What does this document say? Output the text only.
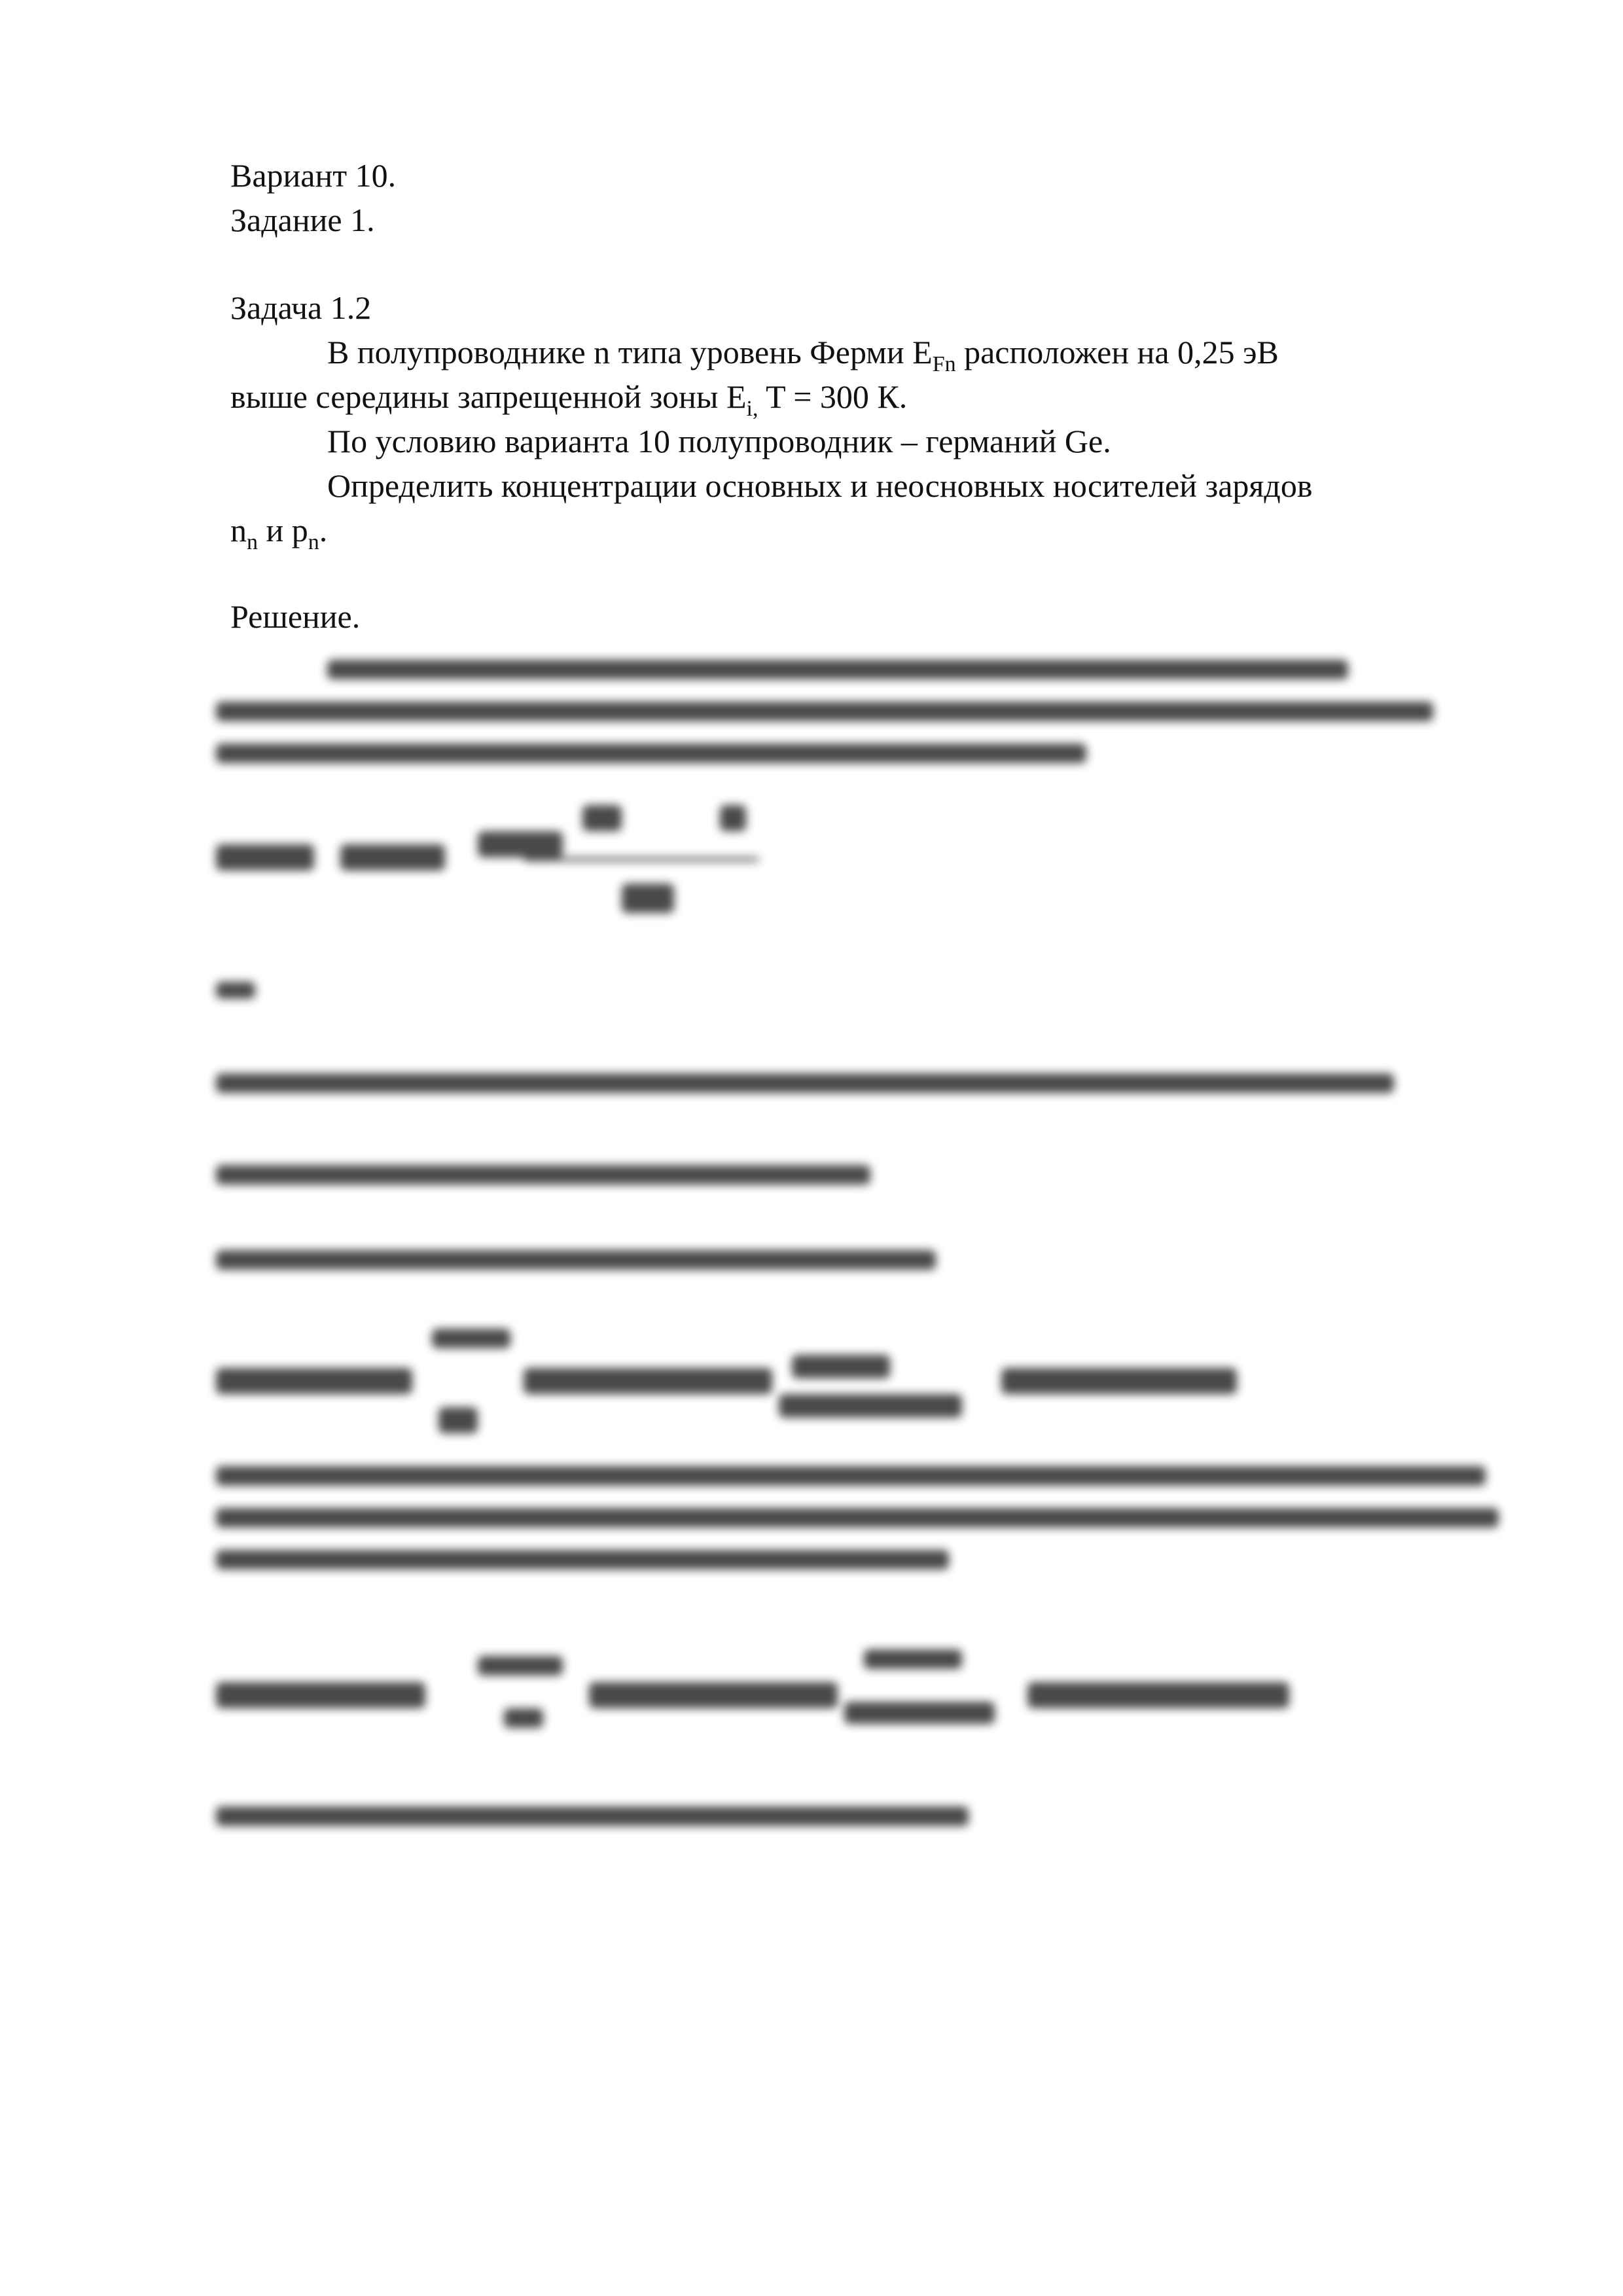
Вариант 10.
Задание 1.
Задача 1.2
В полупроводнике n типа уровень Ферми $E_{Fn}$ расположен на 0,25 эВ
выше середины запрещенной зоны $E_{i,}$ T = 300 К.
По условию варианта 10 полупроводник – германий Ge.
Определить концентрации основных и неосновных носителей зарядов
$n_n$ и $p_n$.
Решение.
